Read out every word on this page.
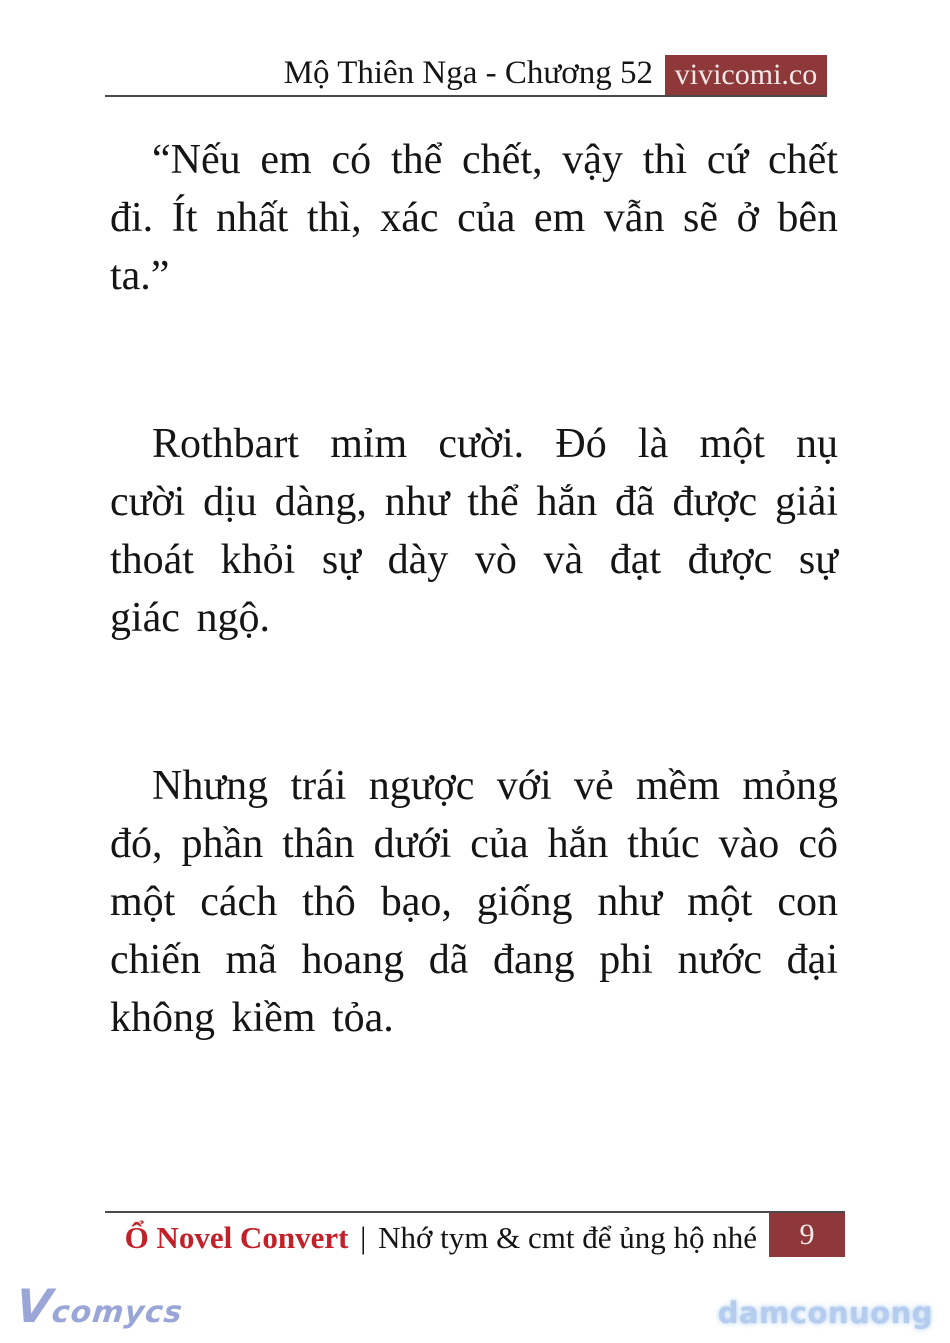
Mộ Thiên Nga - Chương 52 vivicomi.co

“Nếu em có thể chết, vậy thì cứ chết đi. Ít nhất thì, xác của em vẫn sẽ ở bên ta.”

Rothbart mỉm cười. Đó là một nụ cười dịu dàng, như thể hắn đã được giải thoát khỏi sự dày vò và đạt được sự giác ngộ.

Nhưng trái ngược với vẻ mềm mỏng đó, phần thân dưới của hắn thúc vào cô một cách thô bạo, giống như một con chiến mã hoang dã đang phi nước đại không kiềm tỏa.

Ổ Novel Convert | Nhớ tym & cmt để ủng hộ nhé	9
Vcomycs	damconuong
